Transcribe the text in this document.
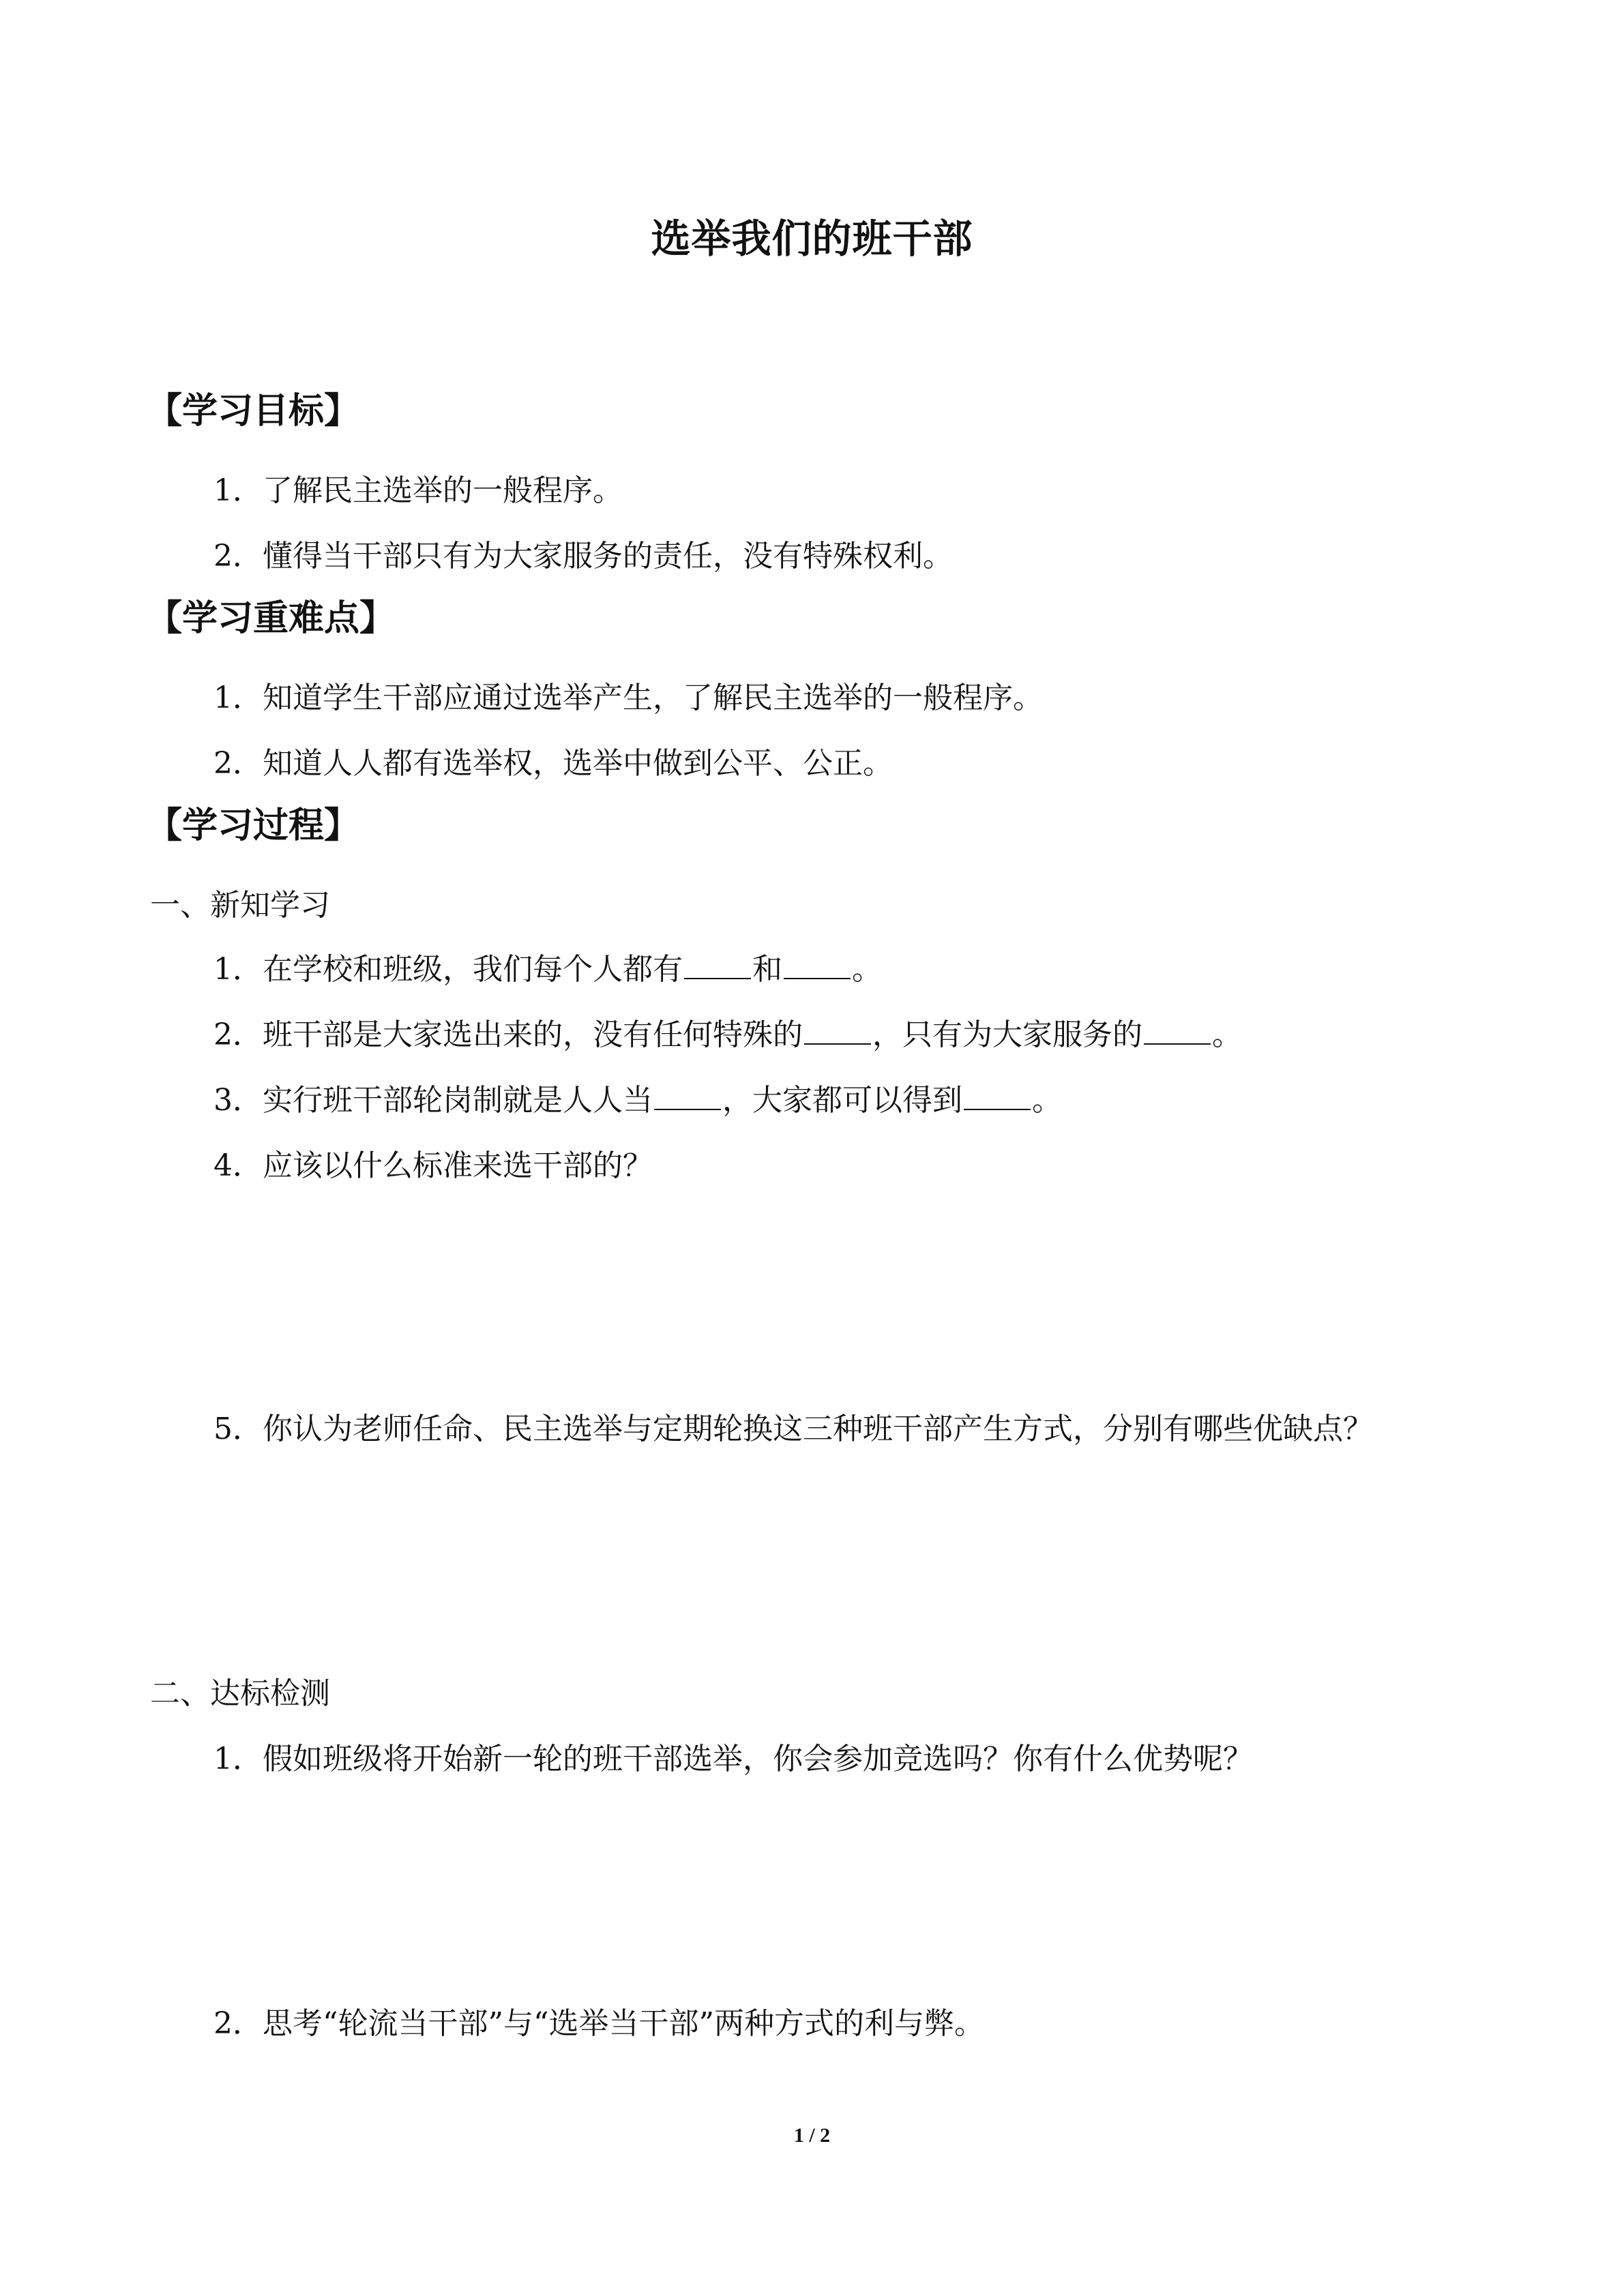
选举我们的班干部
【学习目标】
1．了解民主选举的一般程序。
2．懂得当干部只有为大家服务的责任，没有特殊权利。
【学习重难点】
1．知道学生干部应通过选举产生，了解民主选举的一般程序。
2．知道人人都有选举权，选举中做到公平、公正。
【学习过程】
一、新知学习
1．在学校和班级，我们每个人都有 和 。
2．班干部是大家选出来的，没有任何特殊的 ，只有为大家服务的 。
3．实行班干部轮岗制就是人人当 ，大家都可以得到 。
4．应该以什么标准来选干部的？
5．你认为老师任命、民主选举与定期轮换这三种班干部产生方式，分别有哪些优缺点？
二、达标检测
1．假如班级将开始新一轮的班干部选举，你会参加竞选吗？你有什么优势呢？
2．思考“轮流当干部”与“选举当干部”两种方式的利与弊。
1 / 2
